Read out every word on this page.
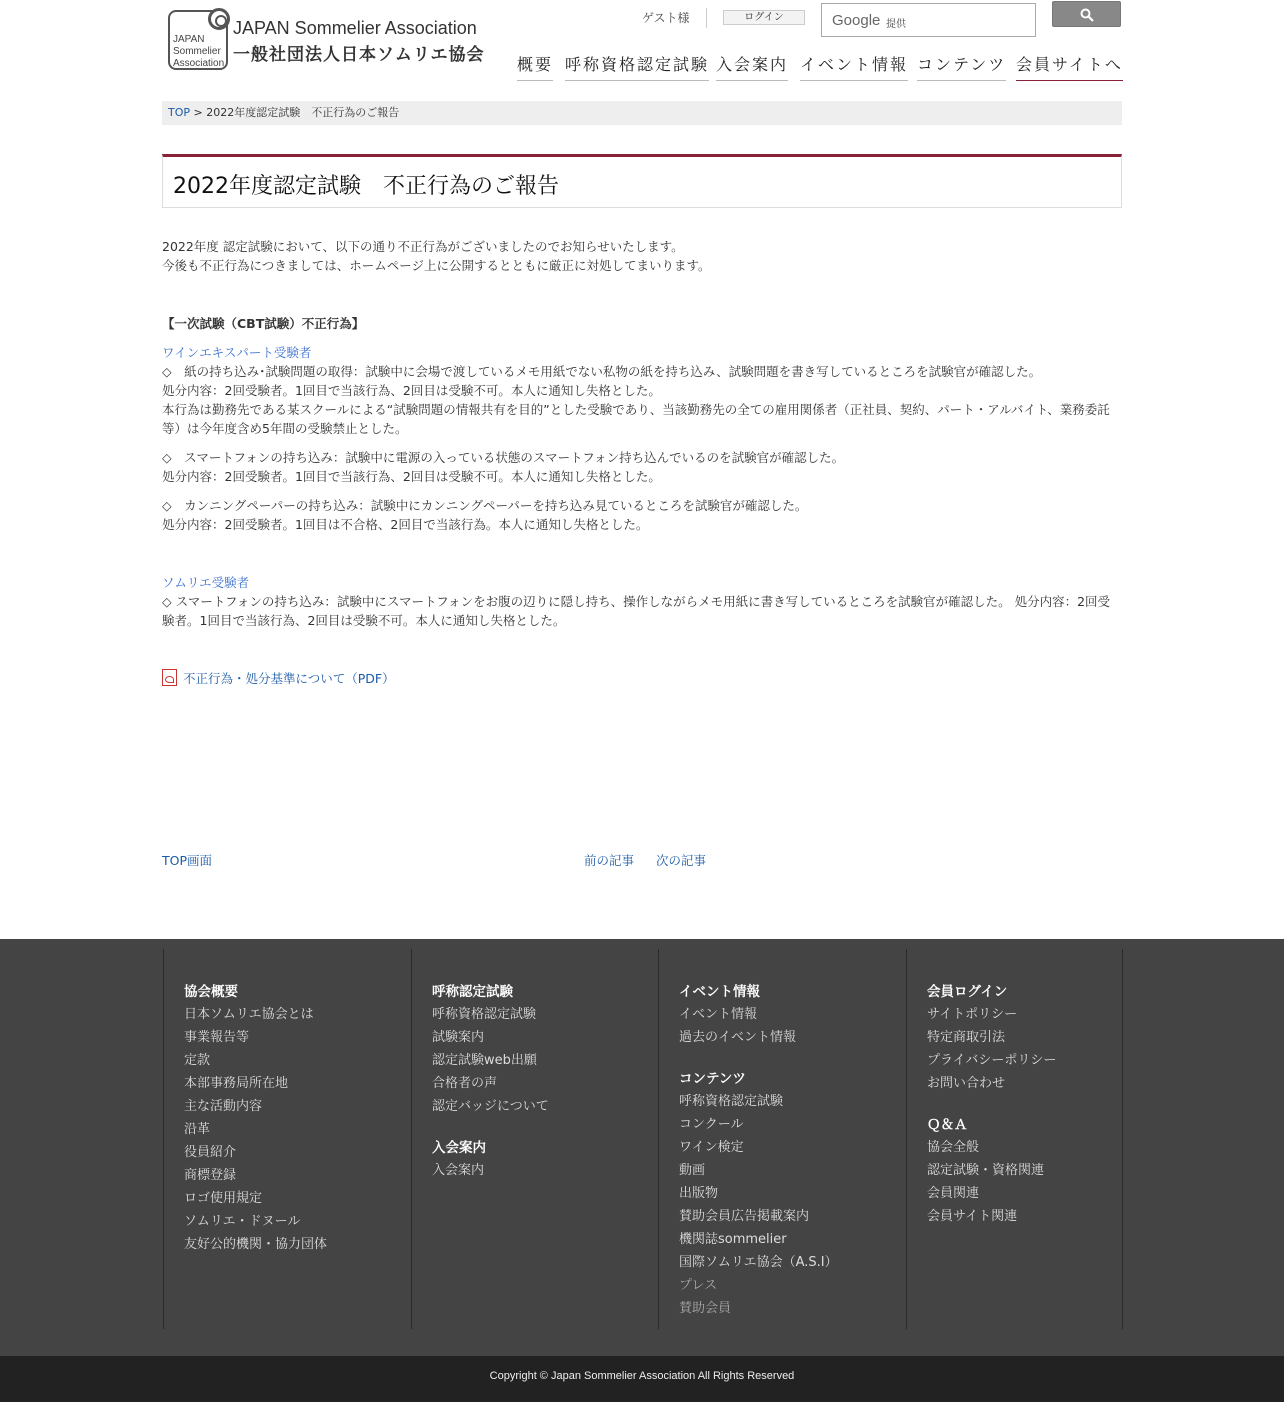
JAPAN
Sommelier
Association
JAPAN Sommelier Association
一般社団法人日本ソムリエ協会
ゲスト様	ログイン	Google 提供
概要 呼称資格認定試験 入会案内 イベント情報 コンテンツ 会員サイトへ
TOP > 2022年度認定試験　不正行為のご報告
2022年度認定試験　不正行為のご報告
2022年度 認定試験において、以下の通り不正行為がございましたのでお知らせいたします。
今後も不正行為につきましては、ホームページ上に公開するとともに厳正に対処してまいります。
【一次試験（CBT試験）不正行為】
ワインエキスパート受験者
◇　紙の持ち込み･試験問題の取得：試験中に会場で渡しているメモ用紙でない私物の紙を持ち込み、試験問題を書き写しているところを試験官が確認した。
処分内容：2回受験者。1回目で当該行為、2回目は受験不可。本人に通知し失格とした。
本行為は勤務先である某スクールによる“試験問題の情報共有を目的”とした受験であり、当該勤務先の全ての雇用関係者（正社員、契約、パート・アルバイト、業務委託等）は今年度含め5年間の受験禁止とした。
◇　スマートフォンの持ち込み：試験中に電源の入っている状態のスマートフォン持ち込んでいるのを試験官が確認した。
処分内容：2回受験者。1回目で当該行為、2回目は受験不可。本人に通知し失格とした。
◇　カンニングペーパーの持ち込み：試験中にカンニングペーパーを持ち込み見ているところを試験官が確認した。
処分内容：2回受験者。1回目は不合格、2回目で当該行為。本人に通知し失格とした。
ソムリエ受験者
◇ スマートフォンの持ち込み：試験中にスマートフォンをお腹の辺りに隠し持ち、操作しながらメモ用紙に書き写しているところを試験官が確認した。 処分内容：2回受験者。1回目で当該行為、2回目は受験不可。本人に通知し失格とした。
不正行為・処分基準について（PDF）
TOP画面	前の記事 次の記事
協会概要
日本ソムリエ協会とは
事業報告等
定款
本部事務局所在地
主な活動内容
沿革
役員紹介
商標登録
ロゴ使用規定
ソムリエ・ドヌール
友好公的機関・協力団体
呼称認定試験
呼称資格認定試験
試験案内
認定試験web出願
合格者の声
認定バッジについて
入会案内
入会案内
イベント情報
イベント情報
過去のイベント情報
コンテンツ
呼称資格認定試験
コンクール
ワイン検定
動画
出版物
賛助会員広告掲載案内
機関誌sommelier
国際ソムリエ協会（A.S.I）
プレス
賛助会員
会員ログイン
サイトポリシー
特定商取引法
プライバシーポリシー
お問い合わせ
Ｑ＆Ａ
協会全般
認定試験・資格関連
会員関連
会員サイト関連
Copyright © Japan Sommelier Association All Rights Reserved
